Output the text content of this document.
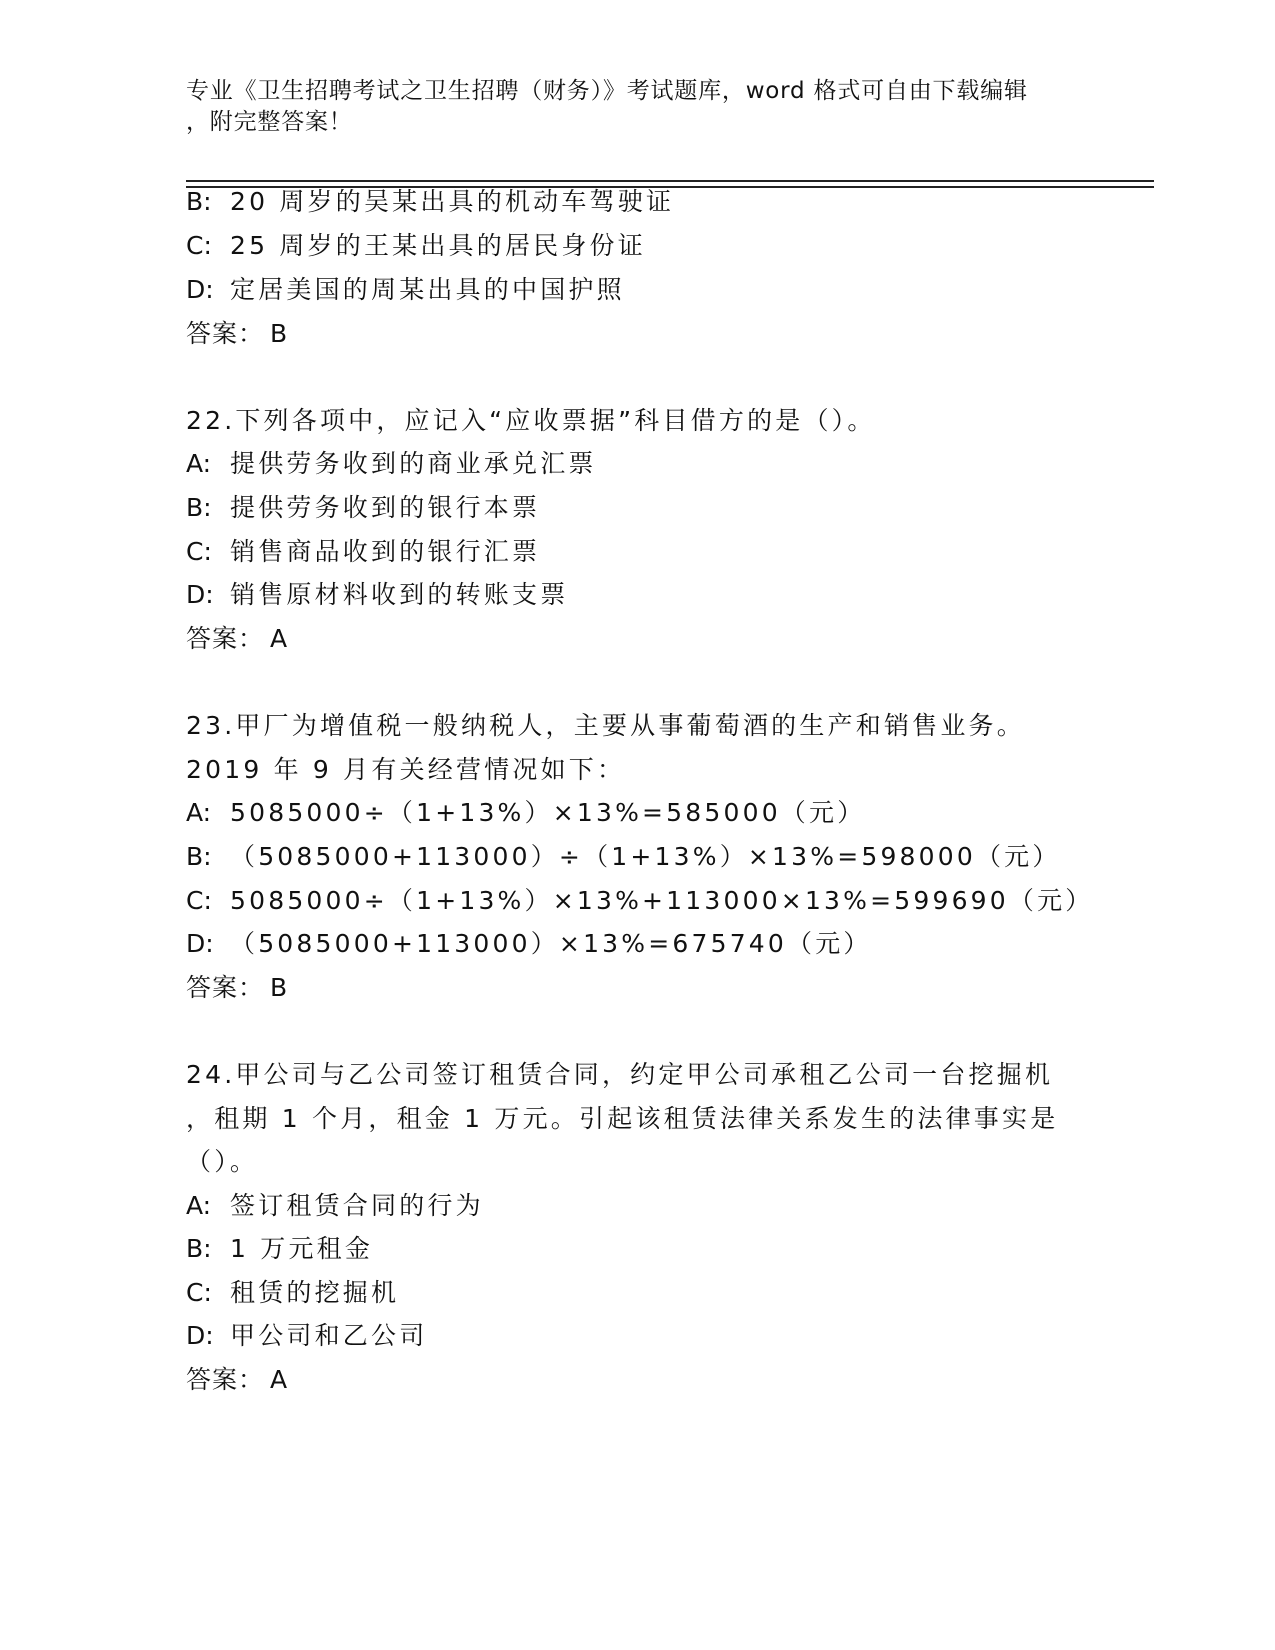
专业《卫生招聘考试之卫生招聘（财务）》考试题库，word 格式可自由下载编辑
，附完整答案！
B: 20 周岁的吴某出具的机动车驾驶证
C: 25 周岁的王某出具的居民身份证
D: 定居美国的周某出具的中国护照
答案： B
22.下列各项中，应记入“应收票据”科目借方的是（）。
A: 提供劳务收到的商业承兑汇票
B: 提供劳务收到的银行本票
C: 销售商品收到的银行汇票
D: 销售原材料收到的转账支票
答案： A
23.甲厂为增值税一般纳税人，主要从事葡萄酒的生产和销售业务。
2019 年 9 月有关经营情况如下：
A: 5085000÷（1+13%）×13%=585000（元）
B: （5085000+113000）÷（1+13%）×13%=598000（元）
C: 5085000÷（1+13%）×13%+113000×13%=599690（元）
D: （5085000+113000）×13%=675740（元）
答案： B
24.甲公司与乙公司签订租赁合同，约定甲公司承租乙公司一台挖掘机
，租期 1 个月，租金 1 万元。引起该租赁法律关系发生的法律事实是
（）。
A: 签订租赁合同的行为
B: 1 万元租金
C: 租赁的挖掘机
D: 甲公司和乙公司
答案： A
